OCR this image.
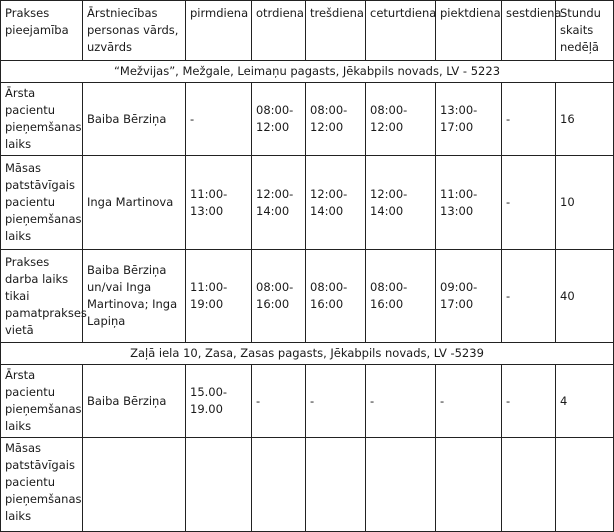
Prakses pieejamība	Ārstniecības personas vārds, uzvārds	pirmdiena	otrdiena	trešdiena	ceturtdiena	piektdiena	sestdiena	Stundu skaits nedēļā
“Mežvijas”, Mežgale, Leimaņu pagasts, Jēkabpils novads, LV - 5223								
Ārsta pacientu pieņemšanas laiks	Baiba Bērziņa	-	08:00-12:00	08:00-12:00	08:00-12:00	13:00-17:00	-	16
Māsas patstāvīgais pacientu pieņemšanas laiks	Inga Martinova	11:00-13:00	12:00-14:00	12:00-14:00	12:00-14:00	11:00-13:00	-	10
Prakses darba laiks tikai pamatprakses vietā	Baiba Bērziņa un/vai Inga Martinova; Inga Lapiņa	11:00-19:00	08:00-16:00	08:00-16:00	08:00-16:00	09:00-17:00	-	40
Zaļā iela 10, Zasa, Zasas pagasts, Jēkabpils novads, LV -5239								
Ārsta pacientu pieņemšanas laiks	Baiba Bērziņa	15.00-19.00	-	-	-	-	-	4
Māsas patstāvīgais pacientu pieņemšanas laiks								
